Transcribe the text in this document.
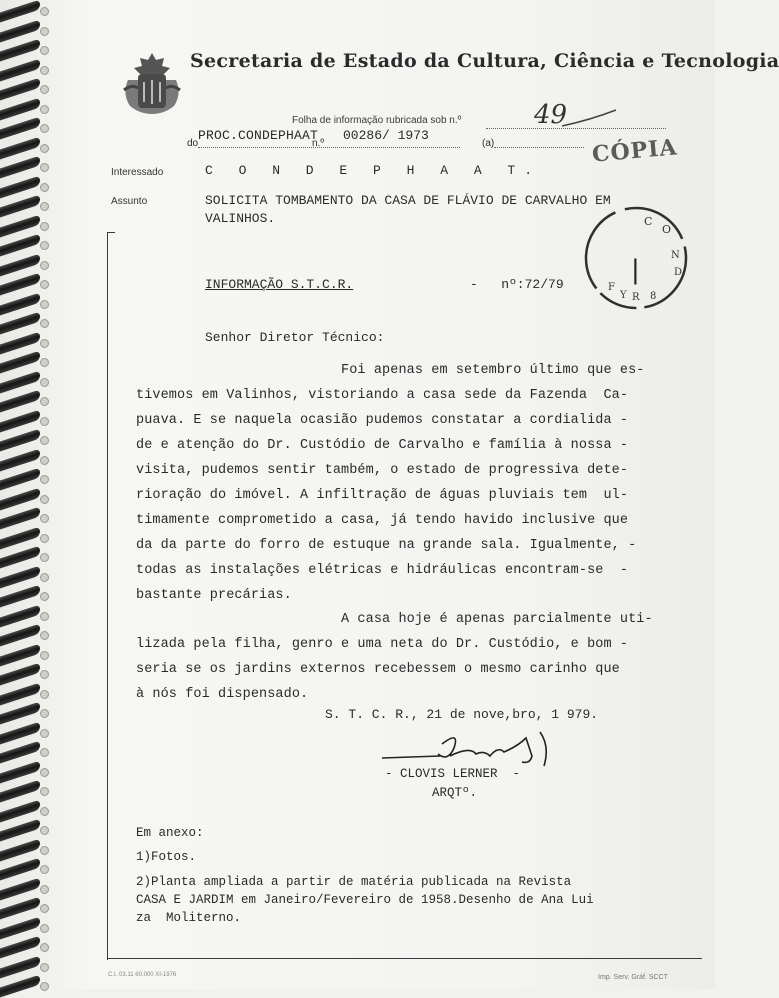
Secretaria de Estado da Cultura, Ciência e Tecnologia
Folha de informação rubricada sob n.º	49
do
PROC.CONDEPHAAT
n.º
00286/ 1973
(a)	CÓPIA
Interessado	C O N D E P H A A T.
Assunto	SOLICITA TOMBAMENTO DA CASA DE FLÁVIO DE CARVALHO EM
VALINHOS.	C
O
N
D
F
Y R 8
|
INFORMAÇÃO S.T.C.R.	-   nº:72/79
Senhor Diretor Técnico:
Foi apenas em setembro último que es-
tivemos em Valinhos, vistoriando a casa sede da Fazenda  Ca-
puava. E se naquela ocasião pudemos constatar a cordialida -
de e atenção do Dr. Custódio de Carvalho e família à nossa -
visita, pudemos sentir também, o estado de progressiva dete-
rioração do imóvel. A infiltração de águas pluviais tem  ul-
timamente comprometido a casa, já tendo havido inclusive que
da da parte do forro de estuque na grande sala. Igualmente, -
todas as instalações elétricas e hidráulicas encontram-se  -
bastante precárias.
A casa hoje é apenas parcialmente uti-
lizada pela filha, genro e uma neta do Dr. Custódio, e bom -
seria se os jardins externos recebessem o mesmo carinho que
à nós foi dispensado.
S. T. C. R., 21 de nove,bro, 1 979.
- CLOVIS LERNER  -
ARQTº.
Em anexo:
1)Fotos.
2)Planta ampliada a partir de matéria publicada na Revista
CASA E JARDIM em Janeiro/Fevereiro de 1958.Desenho de Ana Lui
za  Moliterno.
C.I. 03.11 60.000 XI-1976	Imp. Serv. Gráf. SCCT
